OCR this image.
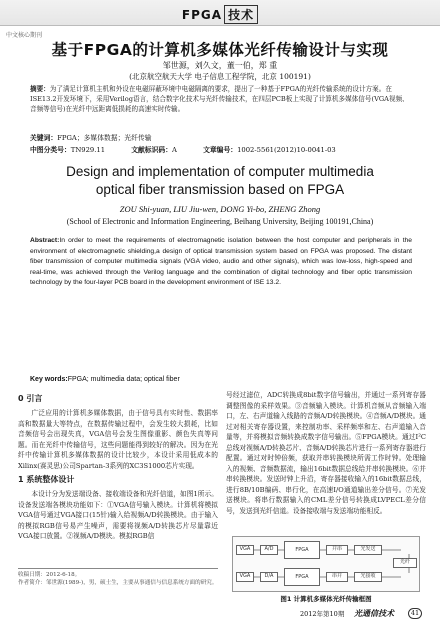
FPGA 技术
中文核心期刊
基于FPGA的计算机多媒体光纤传输设计与实现
邹世源，刘久文，董一伯，郑 重
(北京航空航天大学 电子信息工程学院，北京 100191)
摘要：为了满足计算机主机和外设在电磁屏蔽环境中电磁隔离的要求，提出了一种基于FPGA的光纤传输系统的设计方案。在ISE13.2开发环境下，采用Verilog语言，结合数字化技术与光纤传输技术，在四层PCB板上实现了计算机多媒体信号(VGA视频、音频等信号)在光纤中远距离低损耗的高速实时传输。
关键词：FPGA；多媒体数据；光纤传输
中图分类号：TN929.11	文献标识码：A	文章编号：1002-5561(2012)10-0041-03
Design and implementation of computer multimedia
optical fiber transmission based on FPGA
ZOU Shi-yuan, LIU Jiu-wen, DONG Yi-bo, ZHENG Zhong
(School of Electronic and Information Engineering, Beihang University, Beijing 100191,China)
Abstract:In order to meet the requirements of electromagnetic isolation between the host computer and peripherals in the environment of electromagnetic shielding,a design of optical transmission system based on FPGA was proposed. The distant fiber transmission of computer multimedia signals (VGA video, audio and other signals), which was low-loss, high-speed and real-time, was achieved through the Verilog language and the combination of digital technology and fiber optic transmission technology by the four-layer PCB board in the development environment of ISE 13.2.
Key words:FPGA; multimedia data; optical fiber
0 引言
广泛应用的计算机多媒体数据，由于信号具有实时性、数据率高和数据量大等特点，在数据传输过程中，会发生较大损耗，比如音频信号会出现失真，VGA信号会发生图像重影、颜色失真等问题。而在光纤中传输信号，这些问题能得到较好的解决。因为在光纤中传输计算机多媒体数据的设计比较少，本设计采用低成本的Xilinx(赛灵思)公司Spartan-3系列的XC3S1000芯片实现。
1 系统整体设计
本设计分为发送端设备、接收端设备和光纤信道，如图1所示。设备发送端各模块功能如下：①VGA信号输入模块。计算机将模拟VGA信号通过VGA接口(15针)输入给视频A/D转换模块。由于输入的模拟RGB信号易产生噪声，需要将视频A/D转换芯片尽量靠近VGA接口放置。②视频A/D模块。模拟RGB信
号经过滤位，ADC转换成8bit数字信号输出，并通过一系列寄存器调整图像的采样效果。③音频输入模块。计算机音频从音频输入端口，左、右声道输入线路的音频A/D转换模块。④音频A/D模块。通过对相关寄存器设置，来控制功率、采样频率和左、右声道输入音量等，并将模拟音频转换成数字信号输出。⑤FPGA模块。通过I²C总线对视频A/D转换芯片、音频A/D转换芯片进行一系列寄存器进行配置。通过对时钟倍频，获取并串转换模块所需工作时钟。处理输入的视频、音频数据流，输出16bit数据总线给并串转换模块。⑥并串转换模块。发送时钟上升沿，寄存器接收输入的16bit数据总线，进行8B/10B编码、串行化，在高速I/O通道输出差分信号。⑦光发送模块。将串行数据输入的CML差分信号转换成LVPECL差分信号，发送到光纤信道。设备接收端与发送端功能相反。
收稿日期：2012-6-18。
作者简介：邹世源(1989-)，男，硕士生，主要从事通信与信息系统方面的研究。
VGA	A/D	FPGA	并串	光发送
光纤
光接收
串并
FPGA
D/A
VGA
图1 计算机多媒体光纤传输框图
2012年第10期 光通信技术	41
